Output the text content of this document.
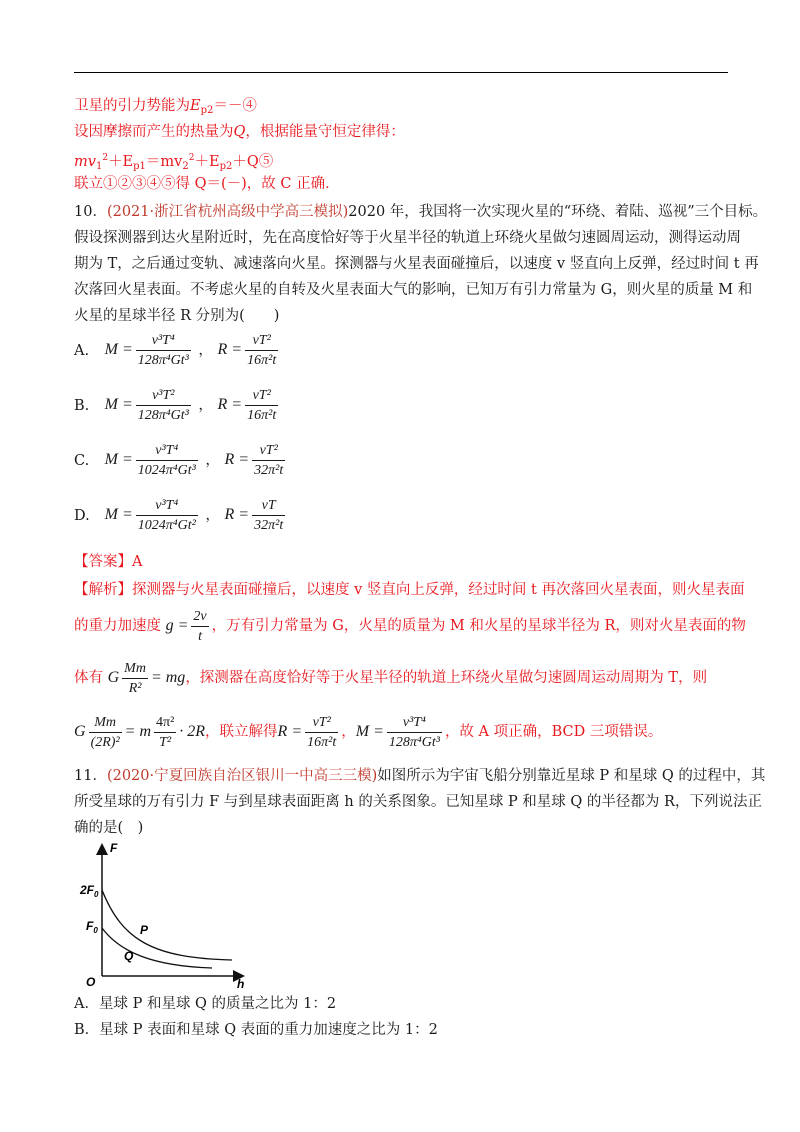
卫星的引力势能为$E_{p2}=-④$
设因摩擦而产生的热量为Q，根据能量守恒定律得：
$mv_1^2+E_{p1}=mv_2^2+E_{p2}+Q⑤$
联立①②③④⑤得 Q＝(－)，故 C 正确．
10．(2021·浙江省杭州高级中学高三模拟)2020 年，我国将一次实现火星的“环绕、着陆、巡视”三个目标。
假设探测器到达火星附近时，先在高度恰好等于火星半径的轨道上环绕火星做匀速圆周运动，测得运动周
期为 T，之后通过变轨、减速落向火星。探测器与火星表面碰撞后，以速度 v 竖直向上反弹，经过时间 t 再
次落回火星表面。不考虑火星的自转及火星表面大气的影响，已知万有引力常量为 G，则火星的质量 M 和
火星的星球半径 R 分别为(　　)
A. $M = \frac{\text{v³T⁴}}{\text{128π⁴Gt³}}$ ， $R = \frac{\text{vT²}}{\text{16π²t}}$
B. $M = \frac{\text{v³T²}}{\text{128π⁴Gt³}}$ ， $R = \frac{\text{vT²}}{\text{16π²t}}$
C. $M = \frac{\text{v³T⁴}}{\text{1024π⁴Gt³}}$ ， $R = \frac{\text{vT²}}{\text{32π²t}}$
D. $M = \frac{\text{v³T⁴}}{\text{1024π⁴Gt²}}$ ， $R = \frac{vT}{\text{32π²t}}$
【答案】A
【解析】探测器与火星表面碰撞后，以速度 v 竖直向上反弹，经过时间 t 再次落回火星表面，则火星表面
的重力加速度 $g = \frac{2v}{t}$ ，万有引力常量为 G，火星的质量为 M 和火星的星球半径为 R，则对火星表面的物
体有 G $\frac{Mm}{\text{R²}}$ = mg，探测器在高度恰好等于火星半径的轨道上环绕火星做匀速圆周运动周期为 T，则
G $\frac{Mm}{\text{(2R)²}} = m \frac{\text{4π²}}{\text{T²}} \cdot 2R$，联立解得$R = \frac{\text{vT²}}{\text{16π²t}}$ ，$M = \frac{\text{v³T⁴}}{\text{128π⁴Gt³}}$ ，故 A 项正确，BCD 三项错误。
11．(2020·宁夏回族自治区银川一中高三三模)如图所示为宇宙飞船分别靠近星球 P 和星球 Q 的过程中，其
所受星球的万有引力 F 与到星球表面距离 h 的关系图象。已知星球 P 和星球 Q 的半径都为 R，下列说法正
确的是(　)
F
h
O
$2F_0$
$F_0$	P
Q
A．星球 P 和星球 Q 的质量之比为 1：2
B．星球 P 表面和星球 Q 表面的重力加速度之比为 1：2
